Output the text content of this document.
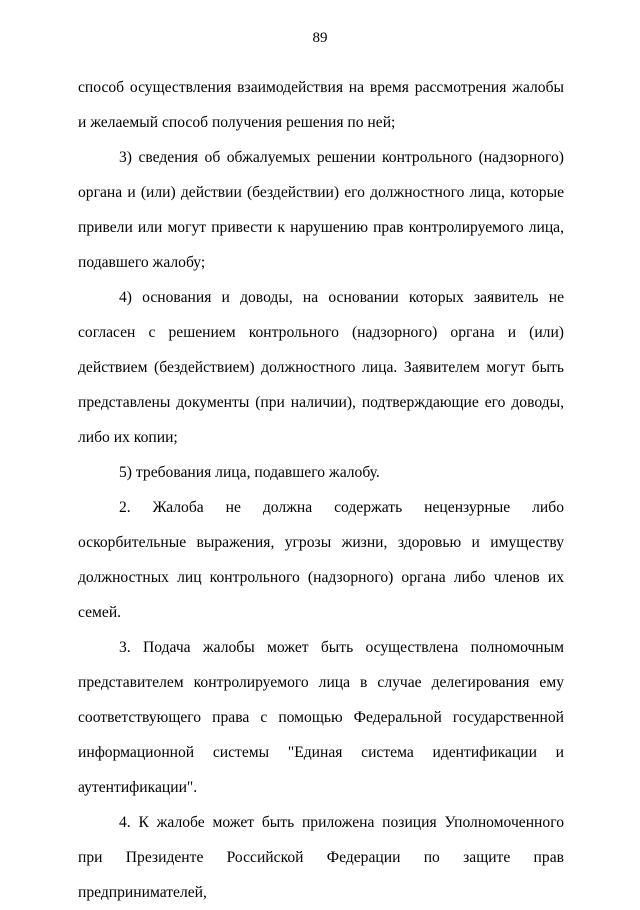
89

способ осуществления взаимодействия на время рассмотрения жалобы и желаемый способ получения решения по ней;

3) сведения об обжалуемых решении контрольного (надзорного) органа и (или) действии (бездействии) его должностного лица, которые привели или могут привести к нарушению прав контролируемого лица, подавшего жалобу;

4) основания и доводы, на основании которых заявитель не согласен с решением контрольного (надзорного) органа и (или) действием (бездействием) должностного лица. Заявителем могут быть представлены документы (при наличии), подтверждающие его доводы, либо их копии;

5) требования лица, подавшего жалобу.

2. Жалоба не должна содержать нецензурные либо оскорбительные выражения, угрозы жизни, здоровью и имуществу должностных лиц контрольного (надзорного) органа либо членов их семей.

3. Подача жалобы может быть осуществлена полномочным представителем контролируемого лица в случае делегирования ему соответствующего права с помощью Федеральной государственной информационной системы "Единая система идентификации и аутентификации".

4. К жалобе может быть приложена позиция Уполномоченного при Президенте Российской Федерации по защите прав предпринимателей,
